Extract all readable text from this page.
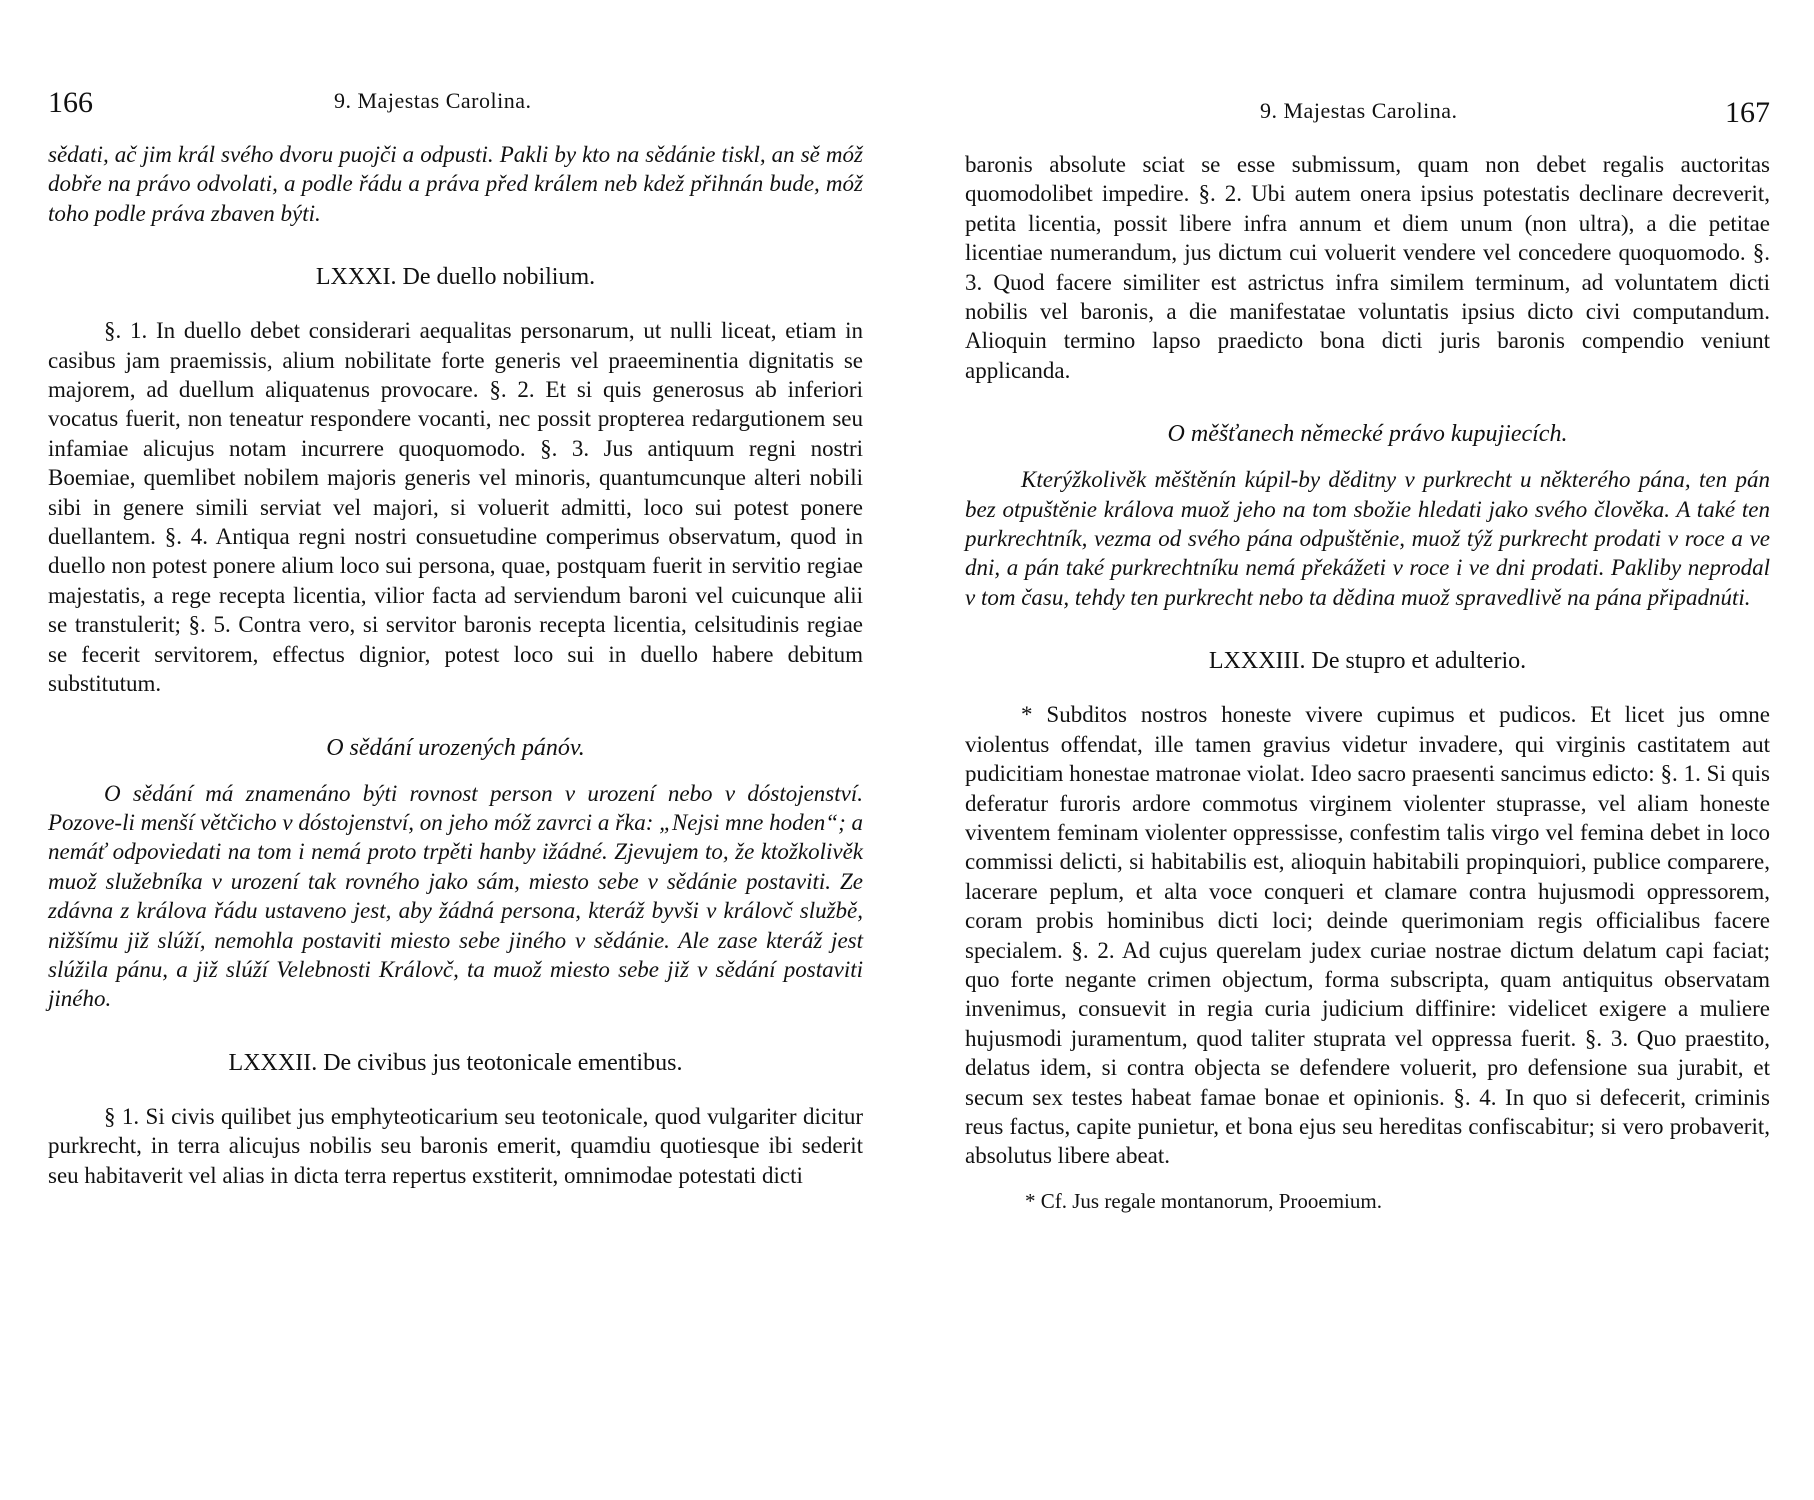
166	9. Majestas Carolina.

sědati, ač jim král svého dvoru puojči a odpusti. Pakli by kto na sědánie tiskl, an sě móž dobře na právo odvolati, a podle řádu a práva před králem neb kdež přihnán bude, móž toho podle práva zbaven býti.

LXXXI. De duello nobilium.

§. 1. In duello debet considerari aequalitas personarum, ut nulli liceat, etiam in casibus jam praemissis, alium nobilitate forte generis vel praeeminentia dignitatis se majorem, ad duellum aliquatenus provocare. §. 2. Et si quis generosus ab inferiori vocatus fuerit, non teneatur respondere vocanti, nec possit propterea redargutionem seu infamiae alicujus notam incurrere quoquomodo. §. 3. Jus antiquum regni nostri Boemiae, quemlibet nobilem majoris generis vel minoris, quantumcunque alteri nobili sibi in genere simili serviat vel majori, si voluerit admitti, loco sui potest ponere duellantem. §. 4. Antiqua regni nostri consuetudine comperimus observatum, quod in duello non potest ponere alium loco sui persona, quae, postquam fuerit in servitio regiae majestatis, a rege recepta licentia, vilior facta ad serviendum baroni vel cuicunque alii se transtulerit; §. 5. Contra vero, si servitor baronis recepta licentia, celsitudinis regiae se fecerit servitorem, effectus dignior, potest loco sui in duello habere debitum substitutum.

O sědání urozených pánóv.

O sědání má znamenáno býti rovnost person v urození nebo v dóstojenství. Pozove-li menší větčicho v dóstojenství, on jeho móž zavrci a řka: „Nejsi mne hoden“; a nemáť odpoviedati na tom i nemá proto trpěti hanby ižádné. Zjevujem to, že ktožkolivěk muož služebníka v urození tak rovného jako sám, miesto sebe v sědánie postaviti. Ze zdávna z králova řádu ustaveno jest, aby žádná persona, kteráž byvši v královč službě, nižšímu již slúží, nemohla postaviti miesto sebe jiného v sědánie. Ale zase kteráž jest slúžila pánu, a již slúží Velebnosti Královč, ta muož miesto sebe již v sědání postaviti jiného.

LXXXII. De civibus jus teotonicale ementibus.

§ 1. Si civis quilibet jus emphyteoticarium seu teotonicale, quod vulgariter dicitur purkrecht, in terra alicujus nobilis seu baronis emerit, quamdiu quotiesque ibi sederit seu habitaverit vel alias in dicta terra repertus exstiterit, omnimodae potestati dicti

9. Majestas Carolina.	167

baronis absolute sciat se esse submissum, quam non debet regalis auctoritas quomodolibet impedire. §. 2. Ubi autem onera ipsius potestatis declinare decreverit, petita licentia, possit libere infra annum et diem unum (non ultra), a die petitae licentiae numerandum, jus dictum cui voluerit vendere vel concedere quoquomodo. §. 3. Quod facere similiter est astrictus infra similem terminum, ad voluntatem dicti nobilis vel baronis, a die manifestatae voluntatis ipsius dicto civi computandum. Alioquin termino lapso praedicto bona dicti juris baronis compendio veniunt applicanda.

O měšťanech německé právo kupujiecích.

Kterýžkolivěk měštěnín kúpil-by děditny v purkrecht u některého pána, ten pán bez otpuštěnie králova muož jeho na tom sbožie hledati jako svého člověka. A také ten purkrechtník, vezma od svého pána odpuštěnie, muož týž purkrecht prodati v roce a ve dni, a pán také purkrechtníku nemá překážeti v roce i ve dni prodati. Pakliby neprodal v tom času, tehdy ten purkrecht nebo ta dědina muož spravedlivě na pána připadnúti.

LXXXIII. De stupro et adulterio.

* Subditos nostros honeste vivere cupimus et pudicos. Et licet jus omne violentus offendat, ille tamen gravius videtur invadere, qui virginis castitatem aut pudicitiam honestae matronae violat. Ideo sacro praesenti sancimus edicto: §. 1. Si quis deferatur furoris ardore commotus virginem violenter stuprasse, vel aliam honeste viventem feminam violenter oppressisse, confestim talis virgo vel femina debet in loco commissi delicti, si habitabilis est, alioquin habitabili propinquiori, publice comparere, lacerare peplum, et alta voce conqueri et clamare contra hujusmodi oppressorem, coram probis hominibus dicti loci; deinde querimoniam regis officialibus facere specialem. §. 2. Ad cujus querelam judex curiae nostrae dictum delatum capi faciat; quo forte negante crimen objectum, forma subscripta, quam antiquitus observatam invenimus, consuevit in regia curia judicium diffinire: videlicet exigere a muliere hujusmodi juramentum, quod taliter stuprata vel oppressa fuerit. §. 3. Quo praestito, delatus idem, si contra objecta se defendere voluerit, pro defensione sua jurabit, et secum sex testes habeat famae bonae et opinionis. §. 4. In quo si defecerit, criminis reus factus, capite punietur, et bona ejus seu hereditas confiscabitur; si vero probaverit, absolutus libere abeat.

* Cf. Jus regale montanorum, Prooemium.
